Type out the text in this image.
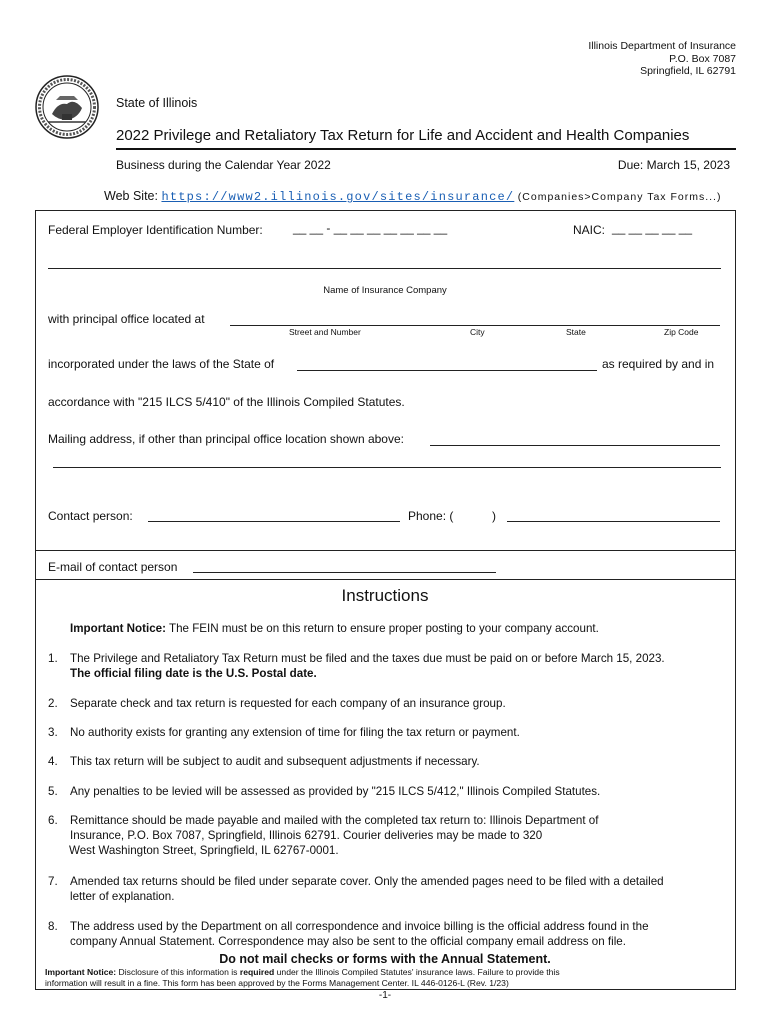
Illinois Department of Insurance
P.O. Box 7087
Springfield, IL 62791
State of Illinois
2022 Privilege and Retaliatory Tax Return for Life and Accident and Health Companies
Business during the Calendar Year 2022	Due: March 15, 2023
Web Site: https://www2.illinois.gov/sites/insurance/ (Companies>Company Tax Forms...)
Federal Employer Identification Number:	__ __ - __ __ __ __ __ __ __	NAIC: __ __ __ __ __
Name of Insurance Company
with principal office located at
Street and Number	City	State	Zip Code
incorporated under the laws of the State of	as required by and in
accordance with "215 ILCS 5/410" of the Illinois Compiled Statutes.
Mailing address, if other than principal office location shown above:
Contact person:	Phone: (	)
E-mail of contact person
Instructions
Important Notice: The FEIN must be on this return to ensure proper posting to your company account.
1. The Privilege and Retaliatory Tax Return must be filed and the taxes due must be paid on or before March 15, 2023.
The official filing date is the U.S. Postal date.
2. Separate check and tax return is requested for each company of an insurance group.
3. No authority exists for granting any extension of time for filing the tax return or payment.
4. This tax return will be subject to audit and subsequent adjustments if necessary.
5. Any penalties to be levied will be assessed as provided by "215 ILCS 5/412," Illinois Compiled Statutes.
6. Remittance should be made payable and mailed with the completed tax return to: Illinois Department of
Insurance, P.O. Box 7087, Springfield, Illinois 62791. Courier deliveries may be made to 320
West Washington Street, Springfield, IL 62767-0001.
7. Amended tax returns should be filed under separate cover. Only the amended pages need to be filed with a detailed
letter of explanation.
8. The address used by the Department on all correspondence and invoice billing is the official address found in the
company Annual Statement. Correspondence may also be sent to the official company email address on file.
Do not mail checks or forms with the Annual Statement.
Important Notice: Disclosure of this information is required under the Illinois Compiled Statutes' insurance laws. Failure to provide this
information will result in a fine. This form has been approved by the Forms Management Center. IL 446-0126-L (Rev. 1/23)
-1-
